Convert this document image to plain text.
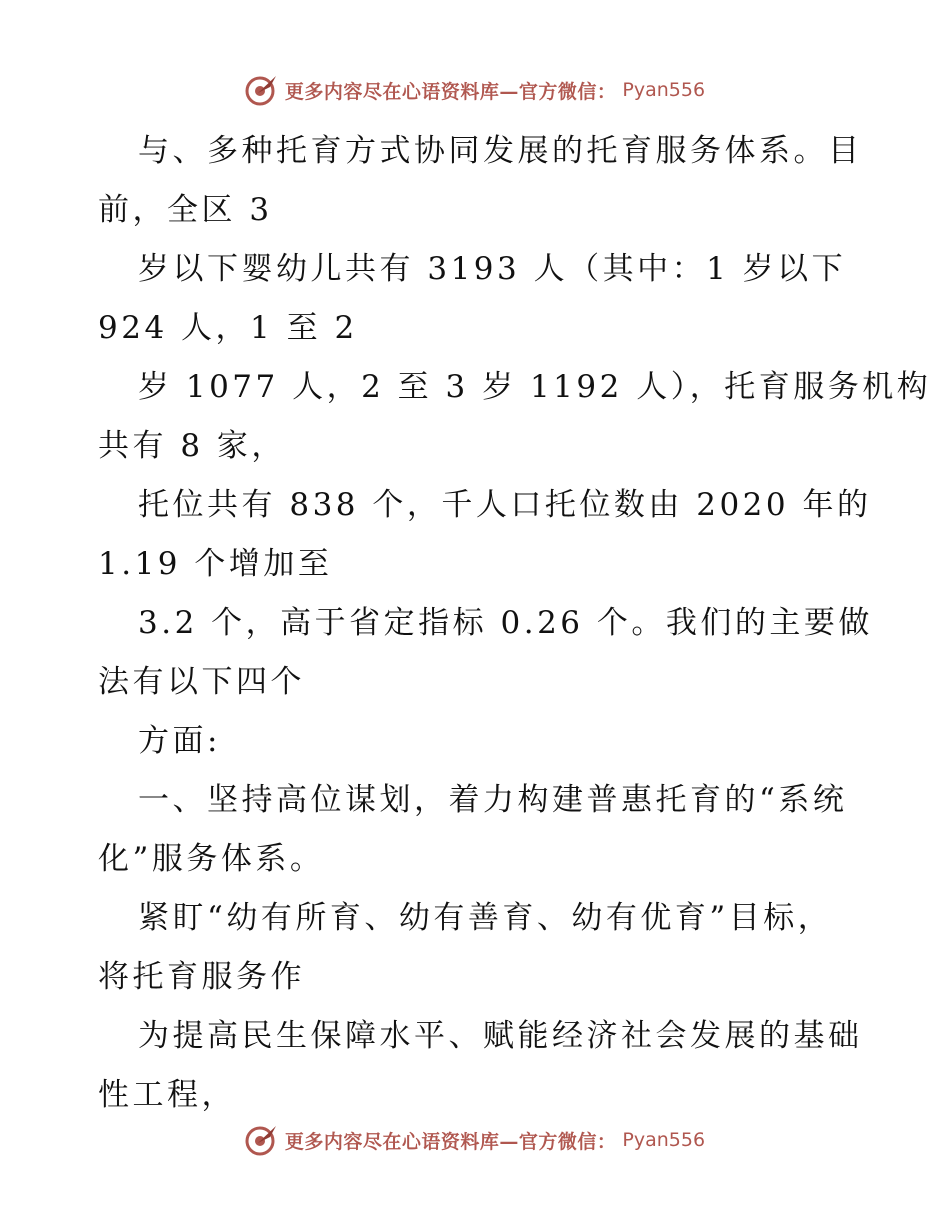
更多内容尽在心语资料库—官方微信： Pyan556
与、多种托育方式协同发展的托育服务体系。目
前，全区 3
岁以下婴幼儿共有 3193 人（其中：1 岁以下
924 人，1 至 2
岁 1077 人，2 至 3 岁 1192 人），托育服务机构
共有 8 家，
托位共有 838 个，千人口托位数由 2020 年的
1.19 个增加至
3.2 个，高于省定指标 0.26 个。我们的主要做
法有以下四个
方面:
一、坚持高位谋划，着力构建普惠托育的“系统
化”服务体系。
紧盯“幼有所育、幼有善育、幼有优育”目标，
将托育服务作
为提高民生保障水平、赋能经济社会发展的基础
性工程，
更多内容尽在心语资料库—官方微信： Pyan556
